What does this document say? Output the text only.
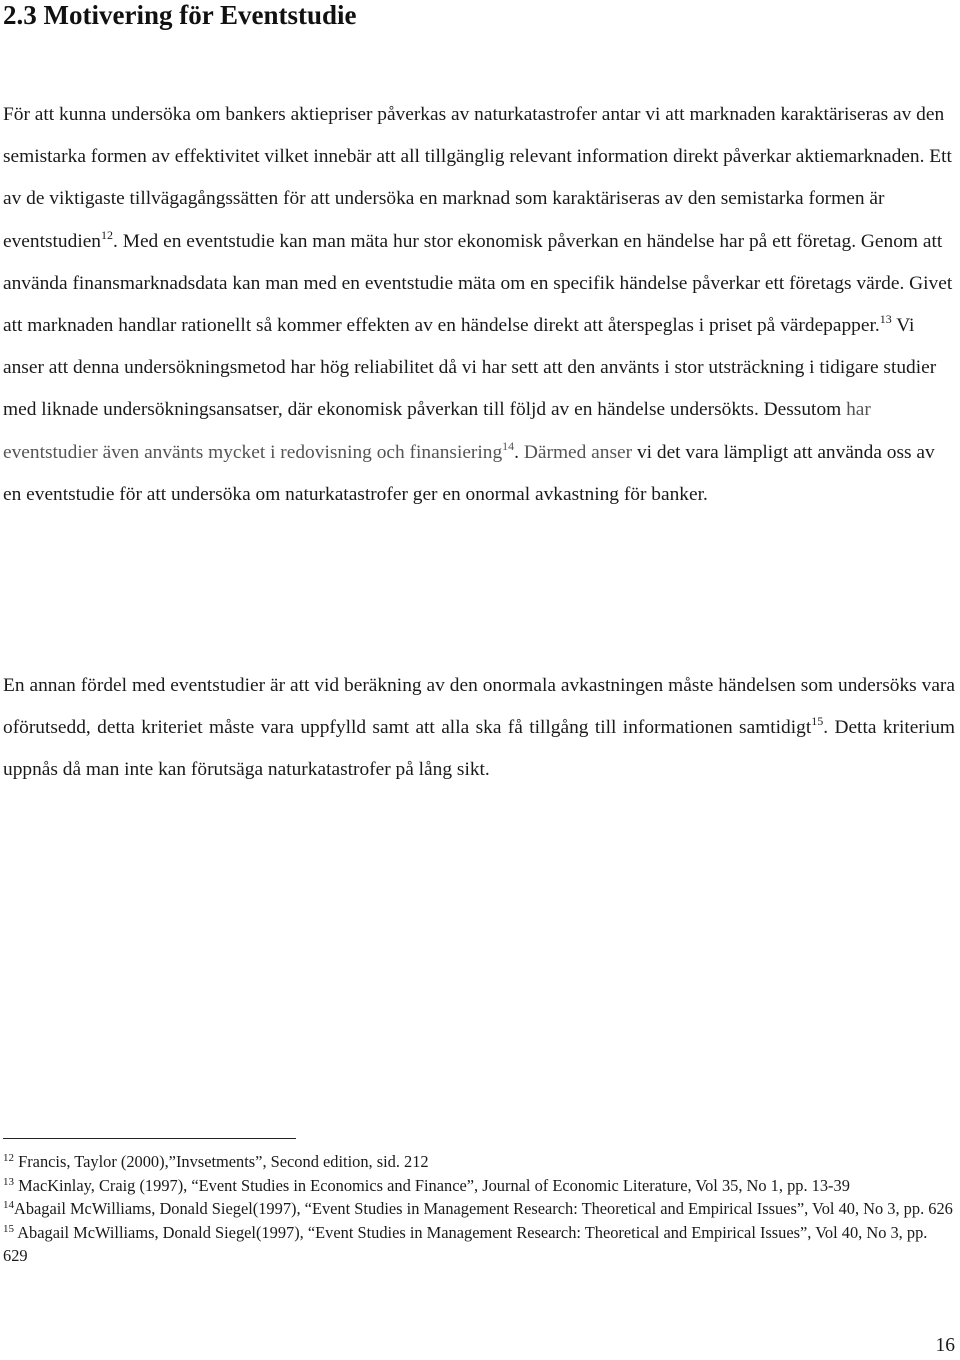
2.3 Motivering för Eventstudie

För att kunna undersöka om bankers aktiepriser påverkas av naturkatastrofer antar vi att marknaden karaktäriseras av den semistarka formen av effektivitet vilket innebär att all tillgänglig relevant information direkt påverkar aktiemarknaden. Ett av de viktigaste tillvägagångssätten för att undersöka en marknad som karaktäriseras av den semistarka formen är eventstudien$^{12}$. Med en eventstudie kan man mäta hur stor ekonomisk påverkan en händelse har på ett företag. Genom att använda finansmarknadsdata kan man med en eventstudie mäta om en specifik händelse påverkar ett företags värde. Givet att marknaden handlar rationellt så kommer effekten av en händelse direkt att återspeglas i priset på värdepapper.$^{13}$ Vi anser att denna undersökningsmetod har hög reliabilitet då vi har sett att den använts i stor utsträckning i tidigare studier med liknade undersökningsansatser, där ekonomisk påverkan till följd av en händelse undersökts. Dessutom har eventstudier även använts mycket i redovisning och finansiering$^{14}$. Därmed anser vi det vara lämpligt att använda oss av en eventstudie för att undersöka om naturkatastrofer ger en onormal avkastning för banker.

En annan fördel med eventstudier är att vid beräkning av den onormala avkastningen måste händelsen som undersöks vara oförutsedd, detta kriteriet måste vara uppfylld samt att alla ska få tillgång till informationen samtidigt$^{15}$. Detta kriterium uppnås då man inte kan förutsäga naturkatastrofer på lång sikt.

$^{12}$ Francis, Taylor (2000),”Invsetments”, Second edition, sid. 212

$^{13}$ MacKinlay, Craig (1997), “Event Studies in Economics and Finance”, Journal of Economic Literature, Vol 35, No 1, pp. 13-39

$^{14}$Abagail McWilliams, Donald Siegel(1997), “Event Studies in Management Research: Theoretical and Empirical Issues”, Vol 40, No 3, pp. 626

$^{15}$ Abagail McWilliams, Donald Siegel(1997), “Event Studies in Management Research: Theoretical and Empirical Issues”, Vol 40, No 3, pp. 629

16
